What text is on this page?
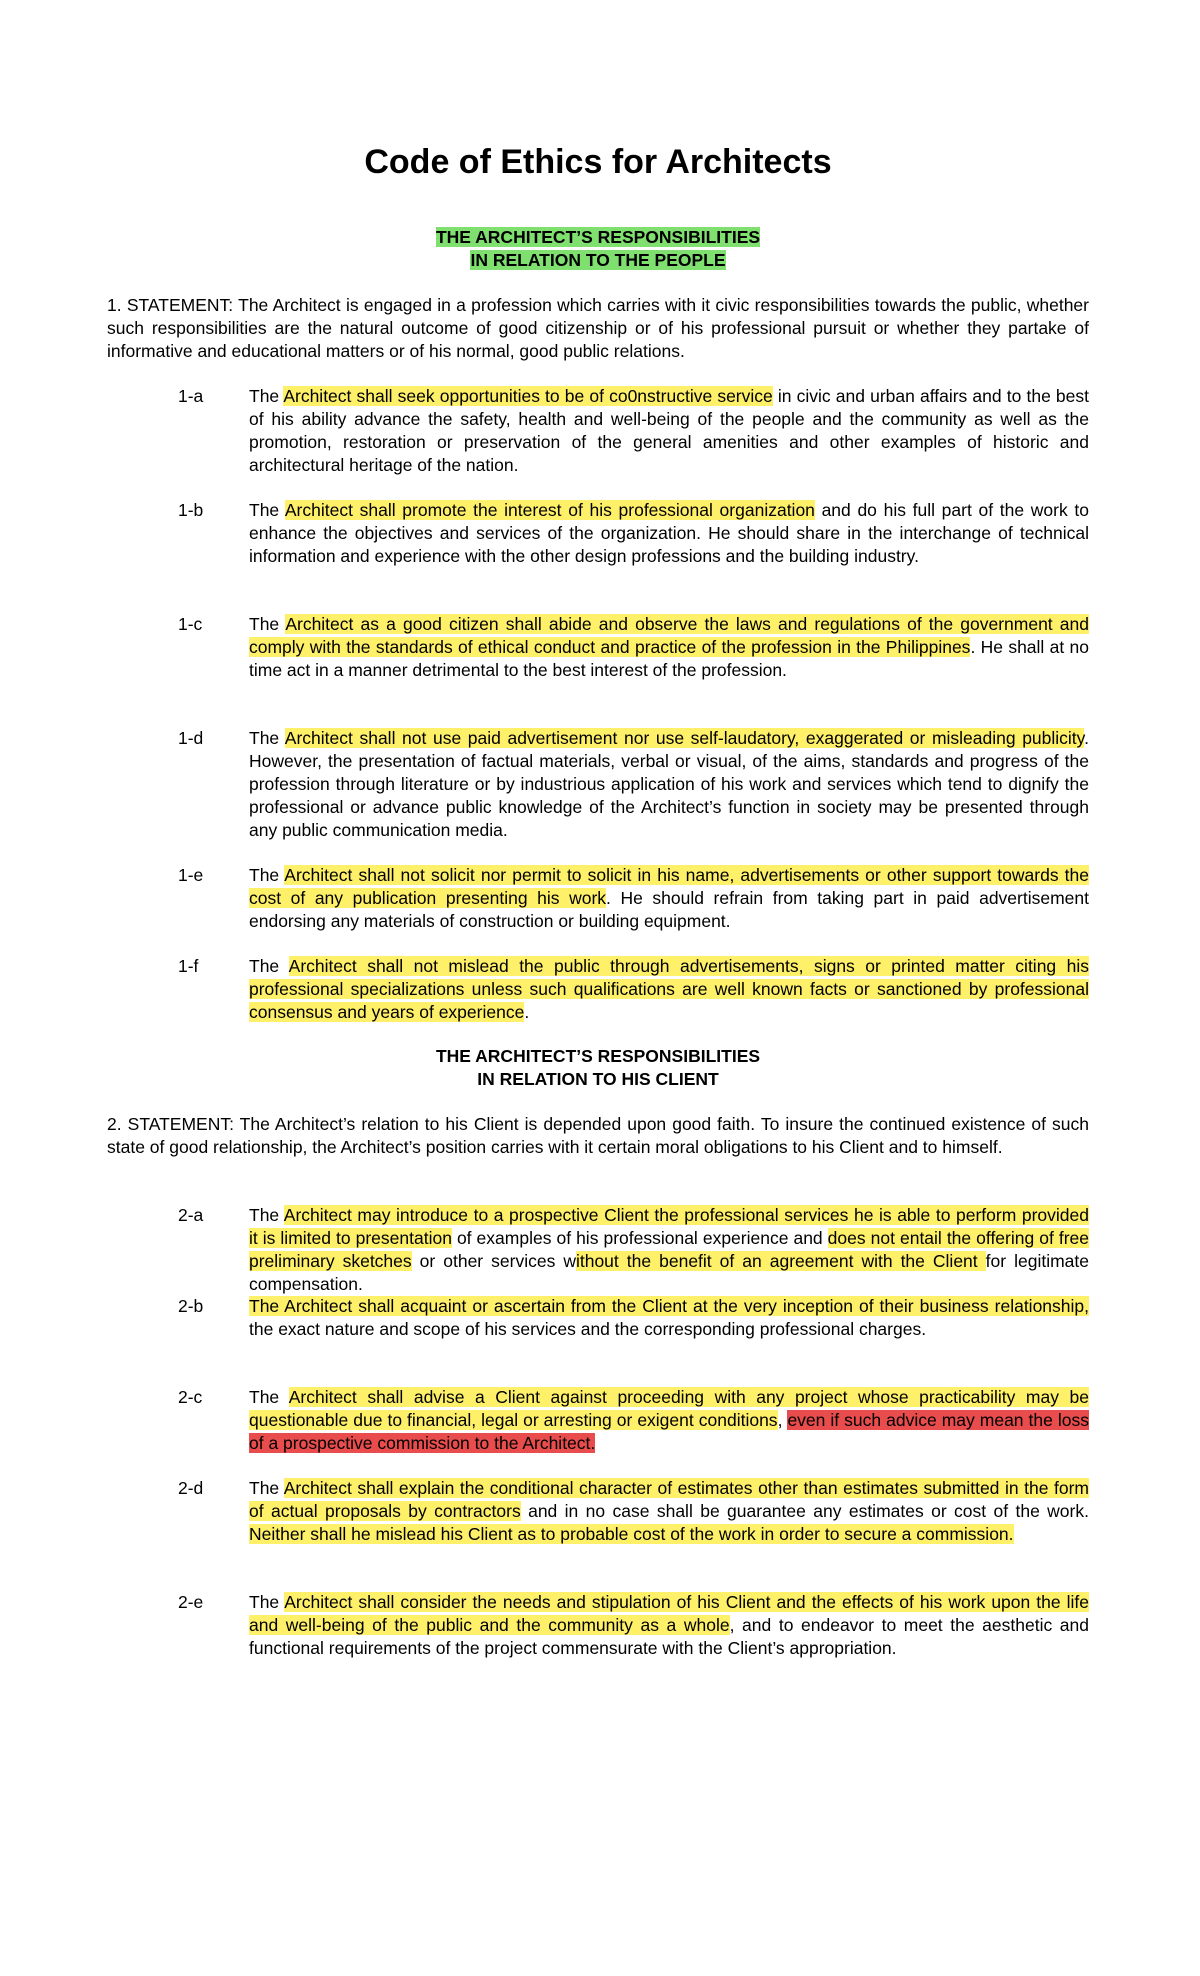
Code of Ethics for Architects
THE ARCHITECT’S RESPONSIBILITIES
IN RELATION TO THE PEOPLE

1. STATEMENT: The Architect is engaged in a profession which carries with it civic responsibilities towards the public, whether such responsibilities are the natural outcome of good citizenship or of his professional pursuit or whether they partake of informative and educational matters or of his normal, good public relations.

1-a	The Architect shall seek opportunities to be of co0nstructive service in civic and urban affairs and to the best of his ability advance the safety, health and well-being of the people and the community as well as the promotion, restoration or preservation of the general amenities and other examples of historic and architectural heritage of the nation.

1-b	The Architect shall promote the interest of his professional organization and do his full part of the work to enhance the objectives and services of the organization. He should share in the interchange of technical information and experience with the other design professions and the building industry.

1-c	The Architect as a good citizen shall abide and observe the laws and regulations of the government and comply with the standards of ethical conduct and practice of the profession in the Philippines. He shall at no time act in a manner detrimental to the best interest of the profession.

1-d	The Architect shall not use paid advertisement nor use self-laudatory, exaggerated or misleading publicity. However, the presentation of factual materials, verbal or visual, of the aims, standards and progress of the profession through literature or by industrious application of his work and services which tend to dignify the professional or advance public knowledge of the Architect’s function in society may be presented through any public communication media.

1-e	The Architect shall not solicit nor permit to solicit in his name, advertisements or other support towards the cost of any publication presenting his work. He should refrain from taking part in paid advertisement endorsing any materials of construction or building equipment.

1-f	The Architect shall not mislead the public through advertisements, signs or printed matter citing his professional specializations unless such qualifications are well known facts or sanctioned by professional consensus and years of experience.

THE ARCHITECT’S RESPONSIBILITIES
IN RELATION TO HIS CLIENT

2. STATEMENT: The Architect’s relation to his Client is depended upon good faith. To insure the continued existence of such state of good relationship, the Architect’s position carries with it certain moral obligations to his Client and to himself.

2-a	The Architect may introduce to a prospective Client the professional services he is able to perform provided it is limited to presentation of examples of his professional experience and does not entail the offering of free preliminary sketches or other services without the benefit of an agreement with the Client for legitimate compensation.

2-b	The Architect shall acquaint or ascertain from the Client at the very inception of their business relationship, the exact nature and scope of his services and the corresponding professional charges.

2-c	The Architect shall advise a Client against proceeding with any project whose practicability may be questionable due to financial, legal or arresting or exigent conditions, even if such advice may mean the loss of a prospective commission to the Architect.

2-d	The Architect shall explain the conditional character of estimates other than estimates submitted in the form of actual proposals by contractors and in no case shall be guarantee any estimates or cost of the work. Neither shall he mislead his Client as to probable cost of the work in order to secure a commission.

2-e	The Architect shall consider the needs and stipulation of his Client and the effects of his work upon the life and well-being of the public and the community as a whole, and to endeavor to meet the aesthetic and functional requirements of the project commensurate with the Client’s appropriation.
